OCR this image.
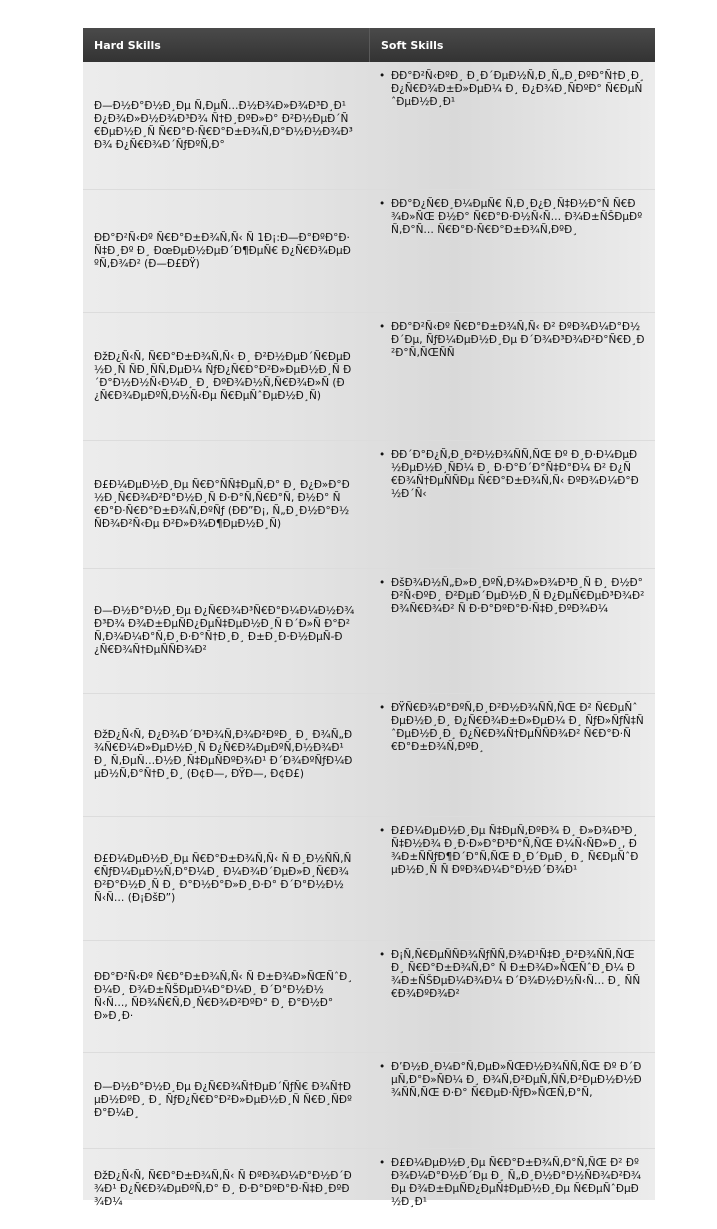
Hard Skills	Soft Skills
Ð—Ð½Ð°Ð½Ð¸Ðµ Ñ‚ÐµÑ…Ð½Ð¾Ð»Ð¾Ð³Ð¸Ð¹ Ð¿Ð¾Ð»Ð½Ð¾Ð³Ð¾ Ñ†Ð¸ÐºÐ»Ð° Ð²Ð½ÐµÐ´Ñ€ÐµÐ½Ð¸Ñ Ñ€Ð°Ð·Ñ€Ð°Ð±Ð¾Ñ‚Ð°Ð½Ð½Ð¾Ð³Ð¾ Ð¿Ñ€Ð¾Ð´ÑƒÐºÑ‚Ð°
• ÐÐ°Ð²Ñ‹ÐºÐ¸ Ð¸Ð´ÐµÐ½Ñ‚Ð¸Ñ„Ð¸ÐºÐ°Ñ†Ð¸Ð¸ Ð¿Ñ€Ð¾Ð±Ð»ÐµÐ¼ Ð¸ Ð¿Ð¾Ð¸ÑÐºÐ° Ñ€ÐµÑˆÐµÐ½Ð¸Ð¹
ÐÐ°Ð²Ñ‹Ðº Ñ€Ð°Ð±Ð¾Ñ‚Ñ‹ Ñ 1Ð¡:Ð—Ð°ÐºÐ°Ð·Ñ‡Ð¸Ðº Ð¸ ÐœÐµÐ½ÐµÐ´Ð¶ÐµÑ€ Ð¿Ñ€Ð¾ÐµÐºÑ‚Ð¾Ð² (Ð—Ð£ÐŸ)
• ÐÐ°Ð¿Ñ€Ð¸Ð¼ÐµÑ€ Ñ‚Ð¸Ð¿Ð¸Ñ‡Ð½Ð°Ñ Ñ€Ð¾Ð»ÑŒ Ð½Ð° Ñ€Ð°Ð·Ð½Ñ‹Ñ… Ð¾Ð±ÑŠÐµÐºÑ‚Ð°Ñ… Ñ€Ð°Ð·Ñ€Ð°Ð±Ð¾Ñ‚ÐºÐ¸
ÐžÐ¿Ñ‹Ñ‚ Ñ€Ð°Ð±Ð¾Ñ‚Ñ‹ Ð¸ Ð²Ð½ÐµÐ´Ñ€ÐµÐ½Ð¸Ñ ÑÐ¸ÑÑ‚ÐµÐ¼ ÑƒÐ¿Ñ€Ð°Ð²Ð»ÐµÐ½Ð¸Ñ Ð´Ð°Ð½Ð½Ñ‹Ð¼Ð¸ Ð¸ ÐºÐ¾Ð½Ñ‚Ñ€Ð¾Ð»Ñ (Ð¿Ñ€Ð¾ÐµÐºÑ‚Ð½Ñ‹Ðµ Ñ€ÐµÑˆÐµÐ½Ð¸Ñ)
• ÐÐ°Ð²Ñ‹Ðº Ñ€Ð°Ð±Ð¾Ñ‚Ñ‹ Ð² ÐºÐ¾Ð¼Ð°Ð½Ð´Ðµ, ÑƒÐ¼ÐµÐ½Ð¸Ðµ Ð´Ð¾Ð³Ð¾Ð²Ð°Ñ€Ð¸Ð²Ð°Ñ‚ÑŒÑÑ
Ð£Ð¼ÐµÐ½Ð¸Ðµ Ñ€Ð°ÑÑ‡ÐµÑ‚Ð° Ð¸ Ð¿Ð»Ð°Ð½Ð¸Ñ€Ð¾Ð²Ð°Ð½Ð¸Ñ Ð·Ð°Ñ‚Ñ€Ð°Ñ‚ Ð½Ð° Ñ€Ð°Ð·Ñ€Ð°Ð±Ð¾Ñ‚ÐºÑƒ (ÐÐ”Ð¡, Ñ„Ð¸Ð½Ð°Ð½ÑÐ¾Ð²Ñ‹Ðµ Ð²Ð»Ð¾Ð¶ÐµÐ½Ð¸Ñ)
• ÐÐ´Ð°Ð¿Ñ‚Ð¸Ð²Ð½Ð¾ÑÑ‚ÑŒ Ðº Ð¸Ð·Ð¼ÐµÐ½ÐµÐ½Ð¸ÑÐ¼ Ð¸ Ð·Ð°Ð´Ð°Ñ‡Ð°Ð¼ Ð² Ð¿Ñ€Ð¾Ñ†ÐµÑÑÐµ Ñ€Ð°Ð±Ð¾Ñ‚Ñ‹ ÐºÐ¾Ð¼Ð°Ð½Ð´Ñ‹
Ð—Ð½Ð°Ð½Ð¸Ðµ Ð¿Ñ€Ð¾Ð³Ñ€Ð°Ð¼Ð¼Ð½Ð¾Ð³Ð¾ Ð¾Ð±ÐµÑÐ¿ÐµÑ‡ÐµÐ½Ð¸Ñ Ð´Ð»Ñ Ð°Ð²Ñ‚Ð¾Ð¼Ð°Ñ‚Ð¸Ð·Ð°Ñ†Ð¸Ð¸ Ð±Ð¸Ð·Ð½ÐµÑ-Ð¿Ñ€Ð¾Ñ†ÐµÑÑÐ¾Ð²
• ÐšÐ¾Ð½Ñ„Ð»Ð¸ÐºÑ‚Ð¾Ð»Ð¾Ð³Ð¸Ñ Ð¸ Ð½Ð°Ð²Ñ‹ÐºÐ¸ Ð²ÐµÐ´ÐµÐ½Ð¸Ñ Ð¿ÐµÑ€ÐµÐ³Ð¾Ð²Ð¾Ñ€Ð¾Ð² Ñ Ð·Ð°ÐºÐ°Ð·Ñ‡Ð¸ÐºÐ¾Ð¼
ÐžÐ¿Ñ‹Ñ‚ Ð¿Ð¾Ð´Ð³Ð¾Ñ‚Ð¾Ð²ÐºÐ¸ Ð¸ Ð¾Ñ„Ð¾Ñ€Ð¼Ð»ÐµÐ½Ð¸Ñ Ð¿Ñ€Ð¾ÐµÐºÑ‚Ð½Ð¾Ð¹ Ð¸ Ñ‚ÐµÑ…Ð½Ð¸Ñ‡ÐµÑÐºÐ¾Ð¹ Ð´Ð¾ÐºÑƒÐ¼ÐµÐ½Ñ‚Ð°Ñ†Ð¸Ð¸ (Ð¢Ð—, ÐŸÐ—, Ð¢Ð£)
• ÐŸÑ€Ð¾Ð°ÐºÑ‚Ð¸Ð²Ð½Ð¾ÑÑ‚ÑŒ Ð² Ñ€ÐµÑˆÐµÐ½Ð¸Ð¸ Ð¿Ñ€Ð¾Ð±Ð»ÐµÐ¼ Ð¸ ÑƒÐ»ÑƒÑ‡ÑˆÐµÐ½Ð¸Ð¸ Ð¿Ñ€Ð¾Ñ†ÐµÑÑÐ¾Ð² Ñ€Ð°Ð·Ñ€Ð°Ð±Ð¾Ñ‚ÐºÐ¸
Ð£Ð¼ÐµÐ½Ð¸Ðµ Ñ€Ð°Ð±Ð¾Ñ‚Ñ‹ Ñ Ð¸Ð½ÑÑ‚Ñ€ÑƒÐ¼ÐµÐ½Ñ‚Ð°Ð¼Ð¸ Ð¼Ð¾Ð´ÐµÐ»Ð¸Ñ€Ð¾Ð²Ð°Ð½Ð¸Ñ Ð¸ Ð°Ð½Ð°Ð»Ð¸Ð·Ð° Ð´Ð°Ð½Ð½Ñ‹Ñ… (Ð¡ÐšÐ”)
• Ð£Ð¼ÐµÐ½Ð¸Ðµ Ñ‡ÐµÑ‚ÐºÐ¾ Ð¸ Ð»Ð¾Ð³Ð¸Ñ‡Ð½Ð¾ Ð¸Ð·Ð»Ð°Ð³Ð°Ñ‚ÑŒ Ð¼Ñ‹ÑÐ»Ð¸, Ð¾Ð±ÑÑƒÐ¶Ð´Ð°Ñ‚ÑŒ Ð¸Ð´ÐµÐ¸ Ð¸ Ñ€ÐµÑˆÐµÐ½Ð¸Ñ Ñ ÐºÐ¾Ð¼Ð°Ð½Ð´Ð¾Ð¹
ÐÐ°Ð²Ñ‹Ðº Ñ€Ð°Ð±Ð¾Ñ‚Ñ‹ Ñ Ð±Ð¾Ð»ÑŒÑˆÐ¸Ð¼Ð¸ Ð¾Ð±ÑŠÐµÐ¼Ð°Ð¼Ð¸ Ð´Ð°Ð½Ð½Ñ‹Ñ…, ÑÐ¾Ñ€Ñ‚Ð¸Ñ€Ð¾Ð²ÐºÐ° Ð¸ Ð°Ð½Ð°Ð»Ð¸Ð·
• Ð¡Ñ‚Ñ€ÐµÑÑÐ¾ÑƒÑÑ‚Ð¾Ð¹Ñ‡Ð¸Ð²Ð¾ÑÑ‚ÑŒ Ð¸ Ñ€Ð°Ð±Ð¾Ñ‚Ð° Ñ Ð±Ð¾Ð»ÑŒÑˆÐ¸Ð¼ Ð¾Ð±ÑŠÐµÐ¼Ð¾Ð¼ Ð´Ð¾Ð½Ð½Ñ‹Ñ… Ð¸ ÑÑ€Ð¾ÐºÐ¾Ð²
Ð—Ð½Ð°Ð½Ð¸Ðµ Ð¿Ñ€Ð¾Ñ†ÐµÐ´ÑƒÑ€ Ð¾Ñ†ÐµÐ½ÐºÐ¸ Ð¸ ÑƒÐ¿Ñ€Ð°Ð²Ð»ÐµÐ½Ð¸Ñ Ñ€Ð¸ÑÐºÐ°Ð¼Ð¸
• Ð’Ð½Ð¸Ð¼Ð°Ñ‚ÐµÐ»ÑŒÐ½Ð¾ÑÑ‚ÑŒ Ðº Ð´ÐµÑ‚Ð°Ð»ÑÐ¼ Ð¸ Ð¾Ñ‚Ð²ÐµÑ‚ÑÑ‚Ð²ÐµÐ½Ð½Ð¾ÑÑ‚ÑŒ Ð·Ð° Ñ€ÐµÐ·ÑƒÐ»ÑŒÑ‚Ð°Ñ‚
ÐžÐ¿Ñ‹Ñ‚ Ñ€Ð°Ð±Ð¾Ñ‚Ñ‹ Ñ ÐºÐ¾Ð¼Ð°Ð½Ð´Ð¾Ð¹ Ð¿Ñ€Ð¾ÐµÐºÑ‚Ð° Ð¸ Ð·Ð°ÐºÐ°Ð·Ñ‡Ð¸ÐºÐ¾Ð¼
• Ð£Ð¼ÐµÐ½Ð¸Ðµ Ñ€Ð°Ð±Ð¾Ñ‚Ð°Ñ‚ÑŒ Ð² ÐºÐ¾Ð¼Ð°Ð½Ð´Ðµ Ð¸ Ñ„Ð¸Ð½Ð°Ð½ÑÐ¾Ð²Ð¾Ðµ Ð¾Ð±ÐµÑÐ¿ÐµÑ‡ÐµÐ½Ð¸Ðµ Ñ€ÐµÑˆÐµÐ½Ð¸Ð¹
